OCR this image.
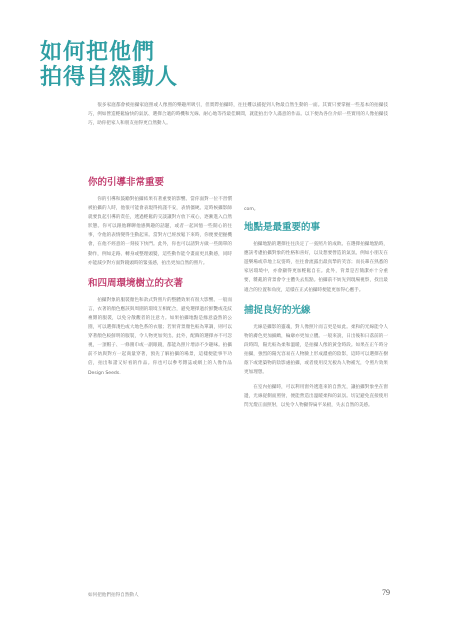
如何把他們
拍得自然動人
很多家庭都會被拍攝家庭照或人像照的樂趣所吸引，但實際拍攝時，往往難以捕捉到人物最自然生動的一面。其實只要掌握一些基本的拍攝技巧，例如營造輕鬆愉快的氣氛、選擇合適的時機和光線、耐心地等待最佳瞬間，就能拍出令人滿意的作品。以下便為各位介紹一些實用的人像拍攝技巧，助你把家人和朋友拍得更自然動人。
你的引導非常重要

你的引導和鼓勵對拍攝結果有著重要的影響。當你面對一位不習慣被拍攝的人時，他很可能會表現得拘謹不安，表情僵硬。這時候攝影師就要負起引導的責任，透過輕鬆的交談讓對方放下戒心，逐漸進入自然狀態。你可以跟他聊聊他感興趣的話題，或者一起回憶一些開心的往事，令他的表情變得生動起來。當對方已經放鬆下來時，你便要把握機會，在他不經意的一刻按下快門。此外，你也可以請對方做一些簡單的動作，例如走路、轉身或整理頭髮，這些動作能令畫面更具動感，同時亦能減少對方面對鏡頭時的緊張感，拍出更加自然的照片。

和四周環境樹立的衣著

拍攝對象的服裝顏色和款式對照片的整體效果有很大影響。一般而言，衣著的顏色應該與周圍的環境互相配合，避免選擇過於鮮艷或花紋複雜的服裝，以免分散觀者的注意力。如果拍攝地點是綠意盎然的公園，可以選擇淺色或大地色系的衣服；若果背景顏色較為單調，則可以穿著顏色較鮮明的服裝，令人物更加突出。此外，配飾的選擇亦不可忽視，一頂帽子、一條圍巾或一副眼鏡，都能為照片增添不少趣味。拍攝前不妨與對方一起商量穿著，預先了解拍攝的場景，這樣便能事半功倍，拍出和諧又好看的作品。你也可以參考雜誌或網上的人像作品 Design Seeds.

com。

地點是最重要的事

拍攝地點的選擇往往決定了一張照片的成敗。在選擇拍攝地點時，應該考慮拍攝對象的性格和喜好，以及想要營造的氣氛。例如小朋友在遊樂場或草地上玩耍時，往往會流露出最真摯的笑容；而長輩在熟悉的家居環境中，亦會顯得更加輕鬆自在。此外，背景是否簡潔亦十分重要，雜亂的背景會令主體失去焦點。拍攝前不妨先到現場視察，找出最適合的位置和角度，這樣在正式拍攝時便能更加得心應手。

捕捉良好的光線

光線是攝影的靈魂，對人像照片而言更是如此。柔和的光線能令人物的膚色更加細緻，輪廓亦更加立體。一般來說，日出後和日落前的一段時間，陽光較為柔和溫暖，是拍攝人像的黃金時段。如果在正午時分拍攝，強烈的陽光容易在人物臉上形成濃重的陰影，這時可以選擇在樹蔭下或建築物的陰影處拍攝，或者使用反光板為人物補光，令照片效果更加理想。

在室內拍攝時，可以利用窗外透進來的自然光，讓拍攝對象坐在窗邊，光線從側面照射，便能營造出溫暖柔和的氣氛。切記避免直接使用閃光燈正面照射，以免令人物顯得扁平呆板，失去自然的美感。

如何把他們拍得自然動人	79
